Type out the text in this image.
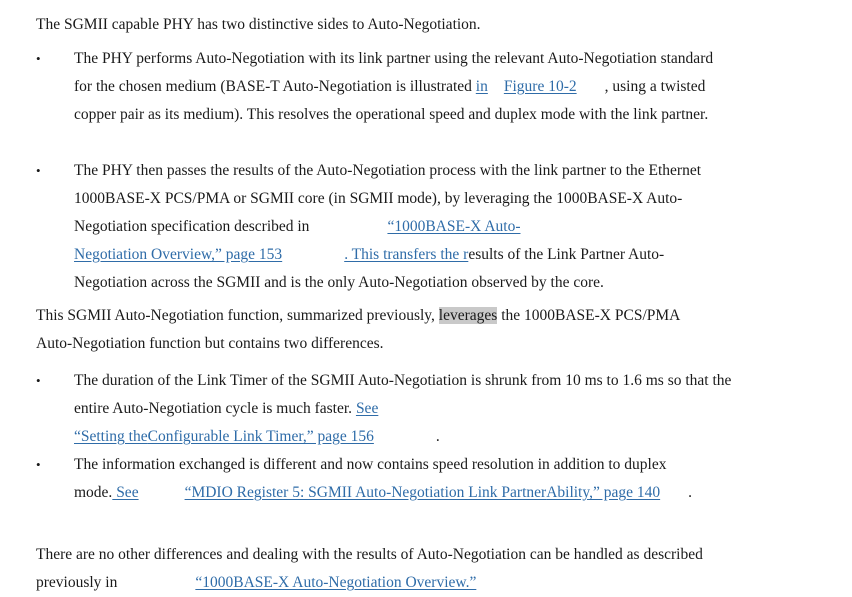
The SGMII capable PHY has two distinctive sides to Auto-Negotiation.
•	The PHY performs Auto-Negotiation with its link partner using the relevant Auto-Negotiation standard for the chosen medium (BASE-T Auto-Negotiation is illustrated in Figure 10-2 , using a twisted copper pair as its medium). This resolves the operational speed and duplex mode with the link partner.
•	The PHY then passes the results of the Auto-Negotiation process with the link partner to the Ethernet 1000BASE-X PCS/PMA or SGMII core (in SGMII mode), by leveraging the 1000BASE-X Auto-Negotiation specification described in	“1000BASE-X Auto-Negotiation Overview,” page 153	. This transfers the results of the Link Partner Auto-Negotiation across the SGMII and is the only Auto-Negotiation observed by the core.
This SGMII Auto-Negotiation function, summarized previously, leverages the 1000BASE-X PCS/PMA Auto-Negotiation function but contains two differences.
•	The duration of the Link Timer of the SGMII Auto-Negotiation is shrunk from 10 ms to 1.6 ms so that the entire Auto-Negotiation cycle is much faster. See“Setting theConfigurable Link Timer,” page 156	.
•	The information exchanged is different and now contains speed resolution in addition to duplex mode. See	“MDIO Register 5: SGMII Auto-Negotiation Link PartnerAbility,” page 140 .
There are no other differences and dealing with the results of Auto-Negotiation can be handled as described previously in	“1000BASE-X Auto-Negotiation Overview.”
